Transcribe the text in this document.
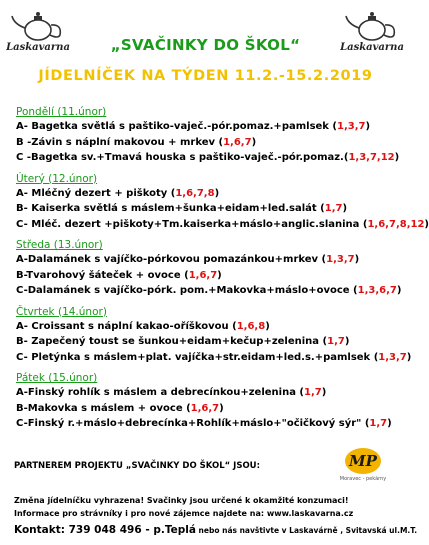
Laskavarna	Laskavarna
„SVAČINKY DO ŠKOL“
JÍDELNÍČEK NA TÝDEN 11.2.-15.2.2019
Pondělí (11.únor)
A- Bagetka světlá s paštiko-vaječ.-pór.pomaz.+pamlsek (1,3,7)
B -Závin s náplní makovou + mrkev (1,6,7)
C -Bagetka sv.+Tmavá houska s paštiko-vaječ.-pór.pomaz.(1,3,7,12)
Úterý (12.únor)
A- Mléčný dezert + piškoty (1,6,7,8)
B- Kaiserka světlá s máslem+šunka+eidam+led.salát (1,7)
C- Mléč. dezert +piškoty+Tm.kaiserka+máslo+anglic.slanina (1,6,7,8,12)
Středa (13.únor)
A-Dalamánek s vajíčko-pórkovou pomazánkou+mrkev (1,3,7)
B-Tvarohový šáteček + ovoce (1,6,7)
C-Dalamánek s vajíčko-pórk. pom.+Makovka+máslo+ovoce (1,3,6,7)
Čtvrtek (14.únor)
A- Croissant s náplní kakao-oříškovou (1,6,8)
B- Zapečený toust se šunkou+eidam+kečup+zelenina (1,7)
C- Pletýnka s máslem+plat. vajíčka+str.eidam+led.s.+pamlsek (1,3,7)
Pátek (15.únor)
A-Finský rohlík s máslem a debrecínkou+zelenina (1,7)
B-Makovka s máslem + ovoce (1,6,7)
C-Finský r.+máslo+debrecínka+Rohlík+máslo+"očičkový sýr" (1,7)
PARTNEREM PROJEKTU „SVAČINKY DO ŠKOL“ JSOU:	MP
Moravec - pekárny
Změna jídelníčku vyhrazena! Svačinky jsou určené k okamžité konzumaci!
Informace pro strávníky i pro nové zájemce najdete na: www.laskavarna.cz
Kontakt: 739 048 496 - p.Teplá nebo nás navštivte v Laskavárně , Svitavská ul.M.T.
